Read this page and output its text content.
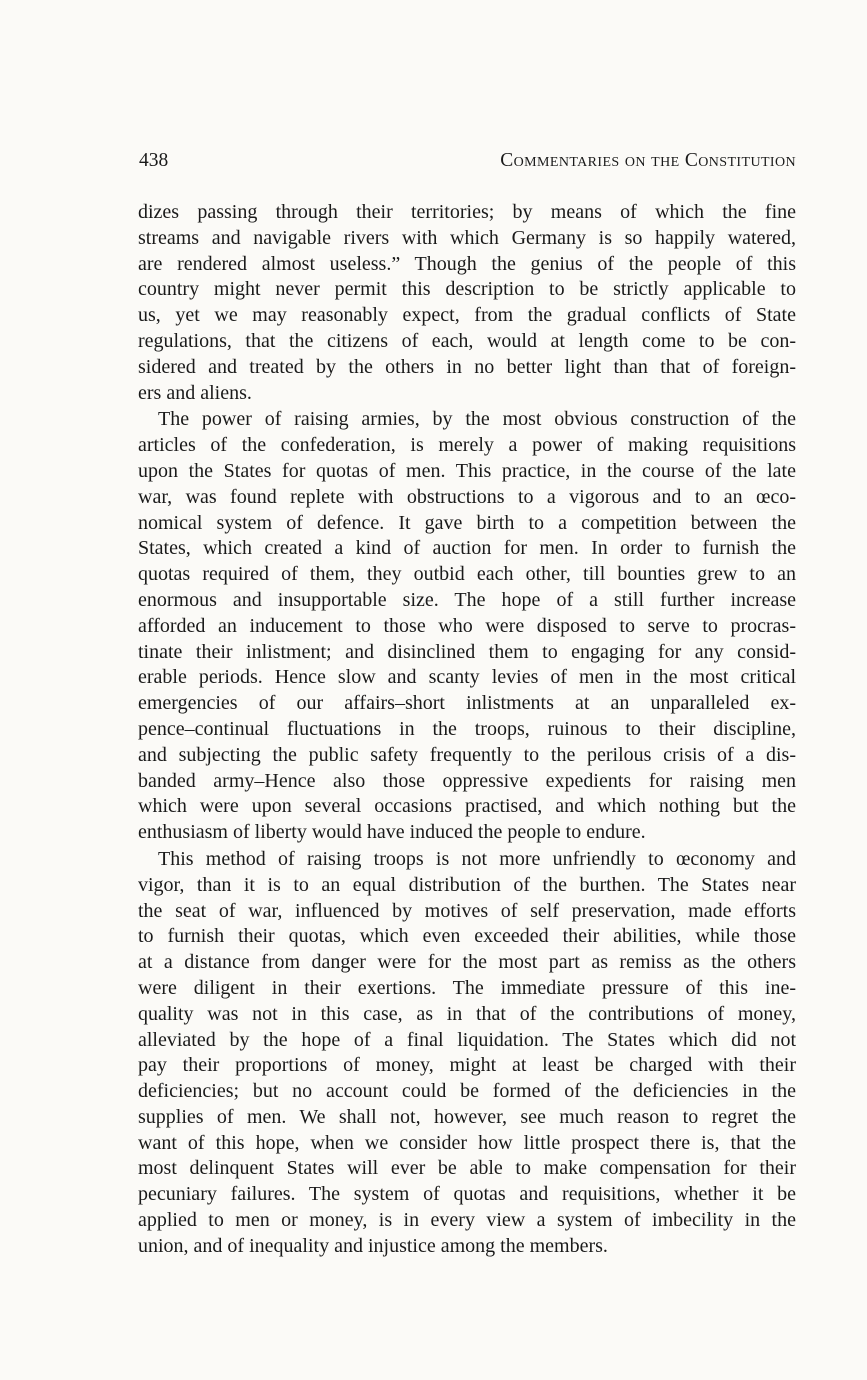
438	Commentaries on the Constitution
dizes passing through their territories; by means of which the fine
streams and navigable rivers with which Germany is so happily watered,
are rendered almost useless.” Though the genius of the people of this
country might never permit this description to be strictly applicable to
us, yet we may reasonably expect, from the gradual conflicts of State
regulations, that the citizens of each, would at length come to be con-
sidered and treated by the others in no better light than that of foreign-
ers and aliens.
The power of raising armies, by the most obvious construction of the
articles of the confederation, is merely a power of making requisitions
upon the States for quotas of men. This practice, in the course of the late
war, was found replete with obstructions to a vigorous and to an œco-
nomical system of defence. It gave birth to a competition between the
States, which created a kind of auction for men. In order to furnish the
quotas required of them, they outbid each other, till bounties grew to an
enormous and insupportable size. The hope of a still further increase
afforded an inducement to those who were disposed to serve to procras-
tinate their inlistment; and disinclined them to engaging for any consid-
erable periods. Hence slow and scanty levies of men in the most critical
emergencies of our affairs–short inlistments at an unparalleled ex-
pence–continual fluctuations in the troops, ruinous to their discipline,
and subjecting the public safety frequently to the perilous crisis of a dis-
banded army–Hence also those oppressive expedients for raising men
which were upon several occasions practised, and which nothing but the
enthusiasm of liberty would have induced the people to endure.
This method of raising troops is not more unfriendly to œconomy and
vigor, than it is to an equal distribution of the burthen. The States near
the seat of war, influenced by motives of self preservation, made efforts
to furnish their quotas, which even exceeded their abilities, while those
at a distance from danger were for the most part as remiss as the others
were diligent in their exertions. The immediate pressure of this ine-
quality was not in this case, as in that of the contributions of money,
alleviated by the hope of a final liquidation. The States which did not
pay their proportions of money, might at least be charged with their
deficiencies; but no account could be formed of the deficiencies in the
supplies of men. We shall not, however, see much reason to regret the
want of this hope, when we consider how little prospect there is, that the
most delinquent States will ever be able to make compensation for their
pecuniary failures. The system of quotas and requisitions, whether it be
applied to men or money, is in every view a system of imbecility in the
union, and of inequality and injustice among the members.
